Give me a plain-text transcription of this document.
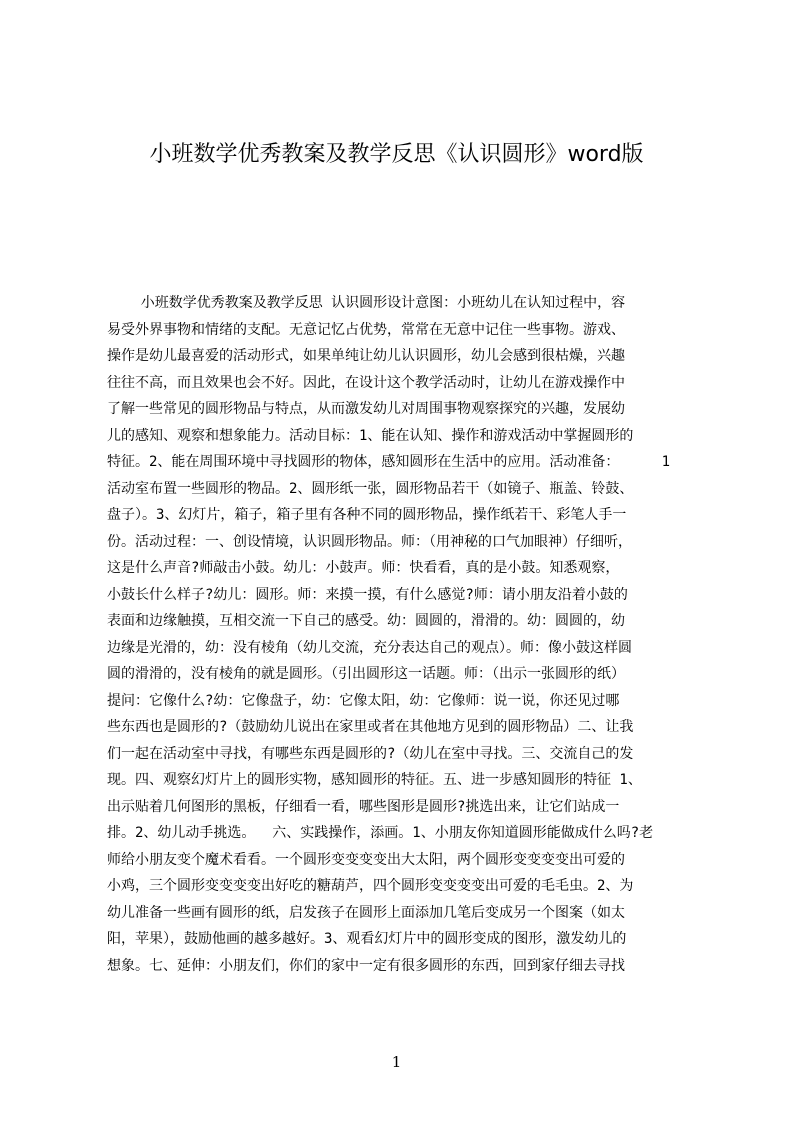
小班数学优秀教案及教学反思《认识圆形》word版
小班数学优秀教案及教学反思 认识圆形设计意图：小班幼儿在认知过程中，容
易受外界事物和情绪的支配。无意记忆占优势，常常在无意中记住一些事物。游戏、
操作是幼儿最喜爱的活动形式，如果单纯让幼儿认识圆形，幼儿会感到很枯燥，兴趣
往往不高，而且效果也会不好。因此，在设计这个教学活动时，让幼儿在游戏操作中
了解一些常见的圆形物品与特点，从而激发幼儿对周围事物观察探究的兴趣，发展幼
儿的感知、观察和想象能力。活动目标：1、能在认知、操作和游戏活动中掌握圆形的
特征。2、能在周围环境中寻找圆形的物体，感知圆形在生活中的应用。活动准备：     1
活动室布置一些圆形的物品。2、圆形纸一张，圆形物品若干（如镜子、瓶盖、铃鼓、
盘子）。3、幻灯片，箱子，箱子里有各种不同的圆形物品，操作纸若干、彩笔人手一
份。活动过程：一、创设情境，认识圆形物品。师：（用神秘的口气加眼神）仔细听，
这是什么声音?师敲击小鼓。幼儿：小鼓声。师：快看看，真的是小鼓。知悉观察，
小鼓长什么样子?幼儿：圆形。师：来摸一摸，有什么感觉?师：请小朋友沿着小鼓的
表面和边缘触摸，互相交流一下自己的感受。幼：圆圆的，滑滑的。幼：圆圆的，幼
边缘是光滑的，幼：没有棱角（幼儿交流，充分表达自己的观点）。师：像小鼓这样圆
圆的滑滑的，没有棱角的就是圆形。（引出圆形这一话题。师：（出示一张圆形的纸）
提问：它像什么?幼：它像盘子，幼：它像太阳，幼：它像师：说一说，你还见过哪
些东西也是圆形的?（鼓励幼儿说出在家里或者在其他地方见到的圆形物品）二、让我
们一起在活动室中寻找，有哪些东西是圆形的?（幼儿在室中寻找。三、交流自己的发
现。四、观察幻灯片上的圆形实物，感知圆形的特征。五、进一步感知圆形的特征 1、
出示贴着几何图形的黑板，仔细看一看，哪些图形是圆形?挑选出来，让它们站成一
排。2、幼儿动手挑选。  六、实践操作，添画。1、小朋友你知道圆形能做成什么吗?老
师给小朋友变个魔术看看。一个圆形变变变变出大太阳，两个圆形变变变变出可爱的
小鸡，三个圆形变变变变出好吃的糖葫芦，四个圆形变变变变出可爱的毛毛虫。2、为
幼儿准备一些画有圆形的纸，启发孩子在圆形上面添加几笔后变成另一个图案（如太
阳，苹果），鼓励他画的越多越好。3、观看幻灯片中的圆形变成的图形，激发幼儿的
想象。七、延伸：小朋友们，你们的家中一定有很多圆形的东西，回到家仔细去寻找
1
